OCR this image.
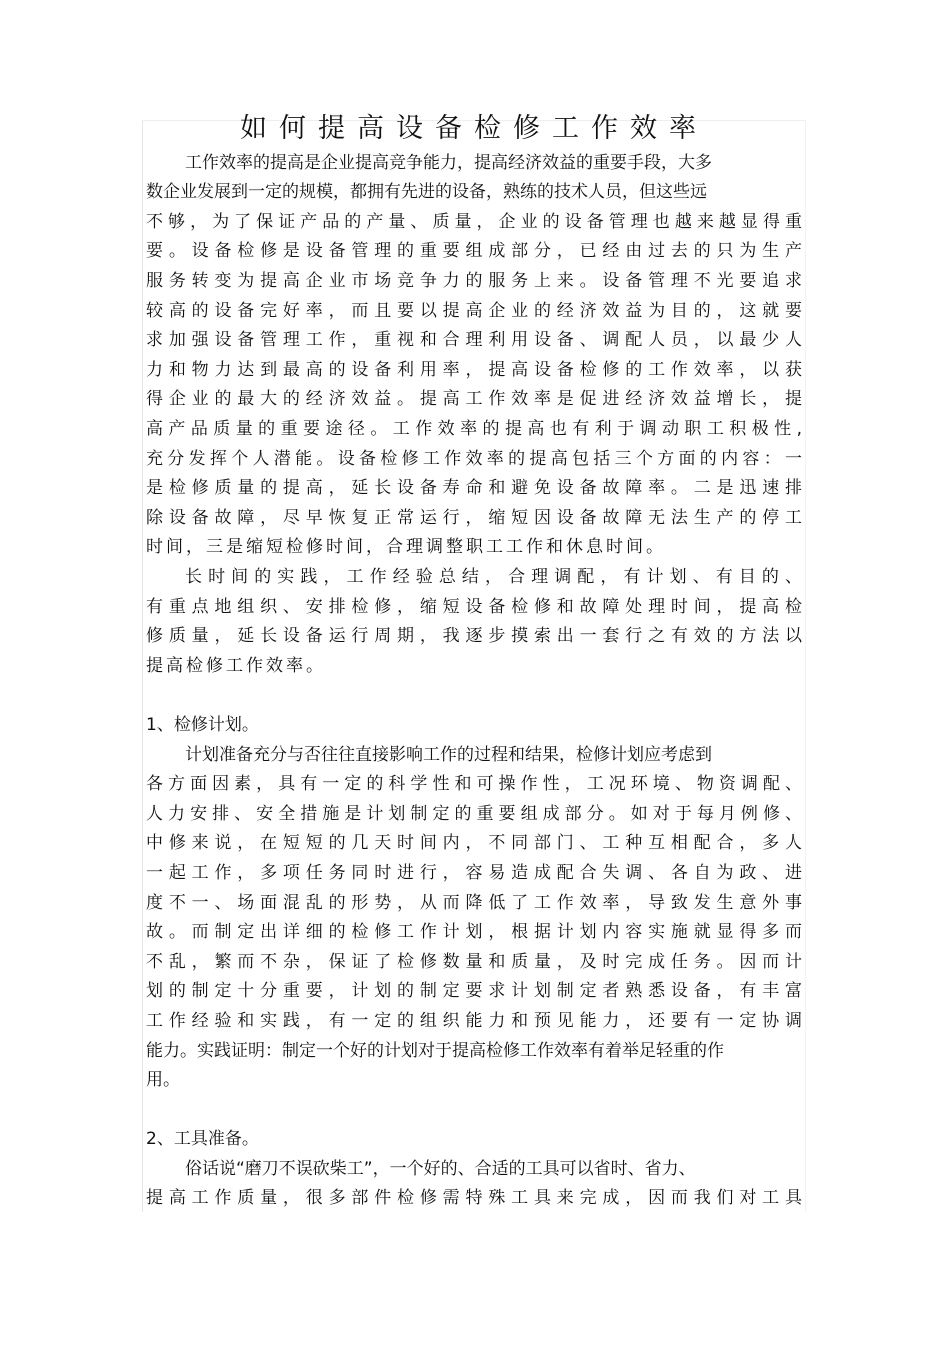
如何提高设备检修工作效率
工作效率的提高是企业提高竞争能力，提高经济效益的重要手段，大多
数企业发展到一定的规模，都拥有先进的设备，熟练的技术人员，但这些远
不够，为了保证产品的产量、质量，企业的设备管理也越来越显得重
要。设备检修是设备管理的重要组成部分，已经由过去的只为生产
服务转变为提高企业市场竞争力的服务上来。设备管理不光要追求
较高的设备完好率，而且要以提高企业的经济效益为目的，这就要
求加强设备管理工作，重视和合理利用设备、调配人员，以最少人
力和物力达到最高的设备利用率，提高设备检修的工作效率，以获
得企业的最大的经济效益。提高工作效率是促进经济效益增长，提
高产品质量的重要途径。工作效率的提高也有利于调动职工积极性,
充分发挥个人潜能。设备检修工作效率的提高包括三个方面的内容：一
是检修质量的提高，延长设备寿命和避免设备故障率。二是迅速排
除设备故障，尽早恢复正常运行，缩短因设备故障无法生产的停工
时间，三是缩短检修时间，合理调整职工工作和休息时间。
长时间的实践，工作经验总结，合理调配，有计划、有目的、
有重点地组织、安排检修，缩短设备检修和故障处理时间，提高检
修质量，延长设备运行周期，我逐步摸索出一套行之有效的方法以
提高检修工作效率。
1、检修计划。
计划准备充分与否往往直接影响工作的过程和结果，检修计划应考虑到
各方面因素，具有一定的科学性和可操作性，工况环境、物资调配、
人力安排、安全措施是计划制定的重要组成部分。如对于每月例修、
中修来说，在短短的几天时间内，不同部门、工种互相配合，多人
一起工作，多项任务同时进行，容易造成配合失调、各自为政、进
度不一、场面混乱的形势，从而降低了工作效率，导致发生意外事
故。而制定出详细的检修工作计划，根据计划内容实施就显得多而
不乱，繁而不杂，保证了检修数量和质量，及时完成任务。因而计
划的制定十分重要，计划的制定要求计划制定者熟悉设备，有丰富
工作经验和实践，有一定的组织能力和预见能力，还要有一定协调
能力。实践证明：制定一个好的计划对于提高检修工作效率有着举足轻重的作
用。
2、工具准备。
俗话说“磨刀不误砍柴工”，一个好的、合适的工具可以省时、省力、
提高工作质量，很多部件检修需特殊工具来完成，因而我们对工具
